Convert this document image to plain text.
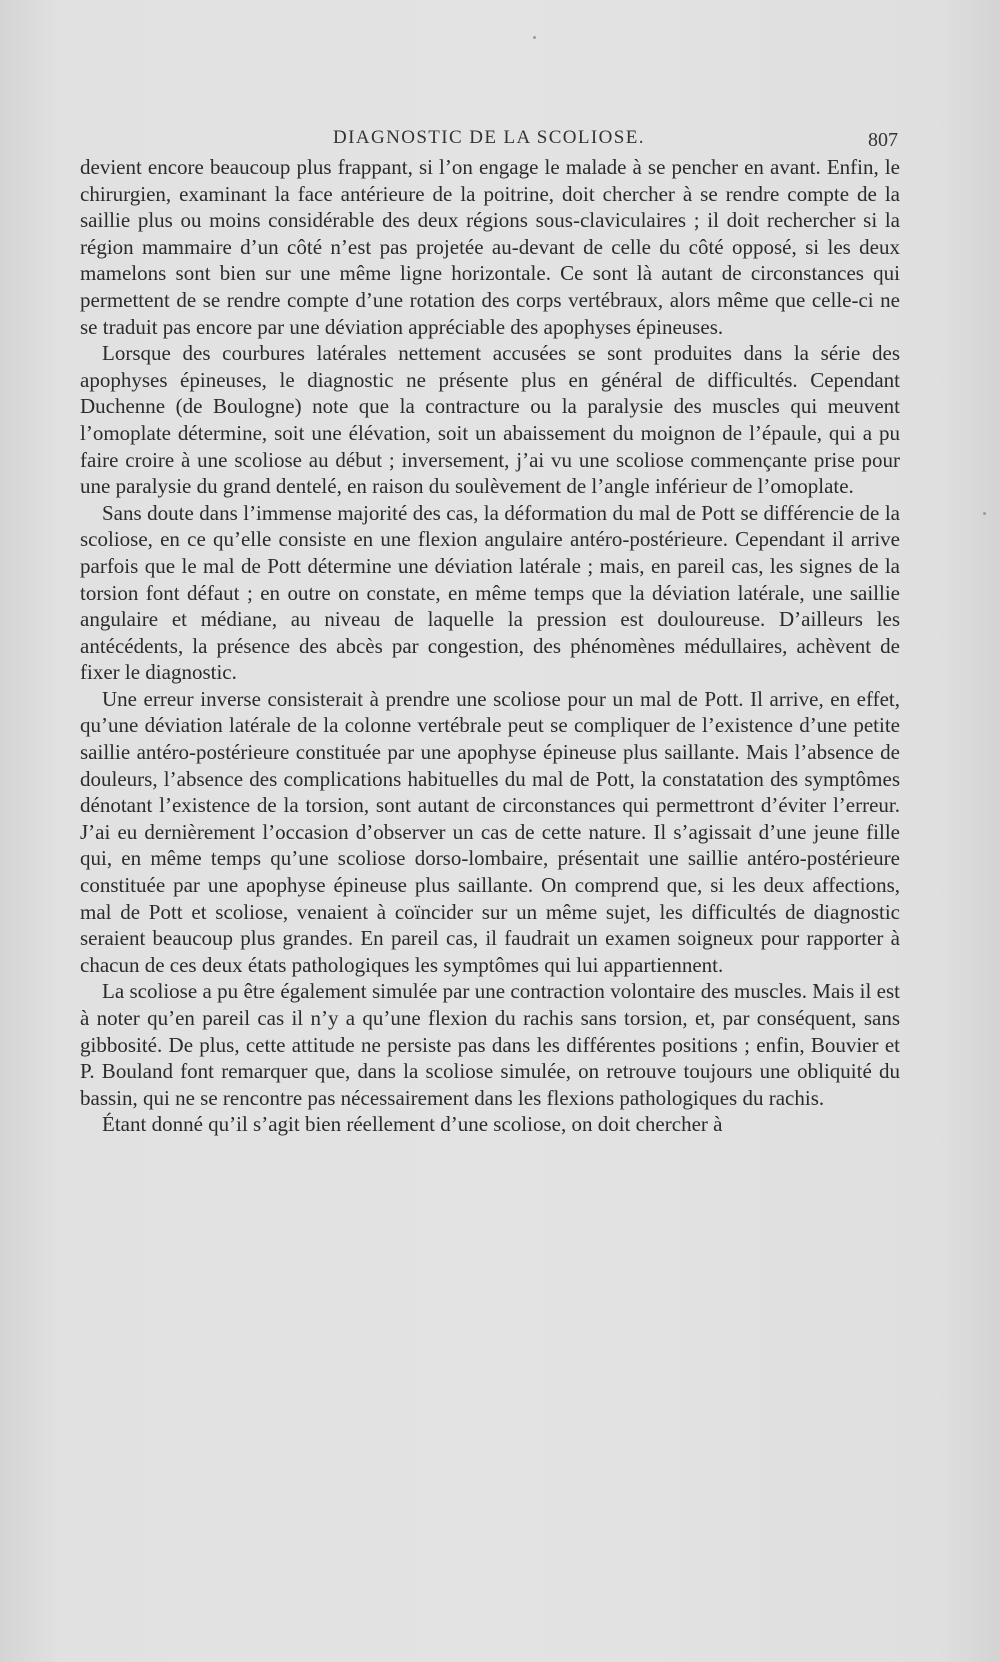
DIAGNOSTIC DE LA SCOLIOSE.	807

devient encore beaucoup plus frappant, si l’on engage le malade à se pencher en avant. Enfin, le chirurgien, examinant la face antérieure de la poitrine, doit chercher à se rendre compte de la saillie plus ou moins considérable des deux régions sous-claviculaires ; il doit rechercher si la région mammaire d’un côté n’est pas projetée au-devant de celle du côté opposé, si les deux mamelons sont bien sur une même ligne horizontale. Ce sont là autant de circonstances qui permettent de se rendre compte d’une rotation des corps vertébraux, alors même que celle-ci ne se traduit pas encore par une déviation appréciable des apophyses épineuses.

Lorsque des courbures latérales nettement accusées se sont produites dans la série des apophyses épineuses, le diagnostic ne présente plus en général de difficultés. Cependant Duchenne (de Boulogne) note que la contracture ou la paralysie des muscles qui meuvent l’omoplate détermine, soit une élévation, soit un abaissement du moignon de l’épaule, qui a pu faire croire à une scoliose au début ; inversement, j’ai vu une scoliose commençante prise pour une paralysie du grand dentelé, en raison du soulèvement de l’angle inférieur de l’omoplate.

Sans doute dans l’immense majorité des cas, la déformation du mal de Pott se différencie de la scoliose, en ce qu’elle consiste en une flexion angulaire antéro-postérieure. Cependant il arrive parfois que le mal de Pott détermine une déviation latérale ; mais, en pareil cas, les signes de la torsion font défaut ; en outre on constate, en même temps que la déviation latérale, une saillie angulaire et médiane, au niveau de laquelle la pression est douloureuse. D’ailleurs les antécédents, la présence des abcès par congestion, des phénomènes médullaires, achèvent de fixer le diagnostic.

Une erreur inverse consisterait à prendre une scoliose pour un mal de Pott. Il arrive, en effet, qu’une déviation latérale de la colonne vertébrale peut se compliquer de l’existence d’une petite saillie antéro-postérieure constituée par une apophyse épineuse plus saillante. Mais l’absence de douleurs, l’absence des complications habituelles du mal de Pott, la constatation des symptômes dénotant l’existence de la torsion, sont autant de circonstances qui permettront d’éviter l’erreur. J’ai eu dernièrement l’occasion d’observer un cas de cette nature. Il s’agissait d’une jeune fille qui, en même temps qu’une scoliose dorso-lombaire, présentait une saillie antéro-postérieure constituée par une apophyse épineuse plus saillante. On comprend que, si les deux affections, mal de Pott et scoliose, venaient à coïncider sur un même sujet, les difficultés de diagnostic seraient beaucoup plus grandes. En pareil cas, il faudrait un examen soigneux pour rapporter à chacun de ces deux états pathologiques les symptômes qui lui appartiennent.

La scoliose a pu être également simulée par une contraction volontaire des muscles. Mais il est à noter qu’en pareil cas il n’y a qu’une flexion du rachis sans torsion, et, par conséquent, sans gibbosité. De plus, cette attitude ne persiste pas dans les différentes positions ; enfin, Bouvier et P. Bouland font remarquer que, dans la scoliose simulée, on retrouve toujours une obliquité du bassin, qui ne se rencontre pas nécessairement dans les flexions pathologiques du rachis.

Étant donné qu’il s’agit bien réellement d’une scoliose, on doit chercher à
